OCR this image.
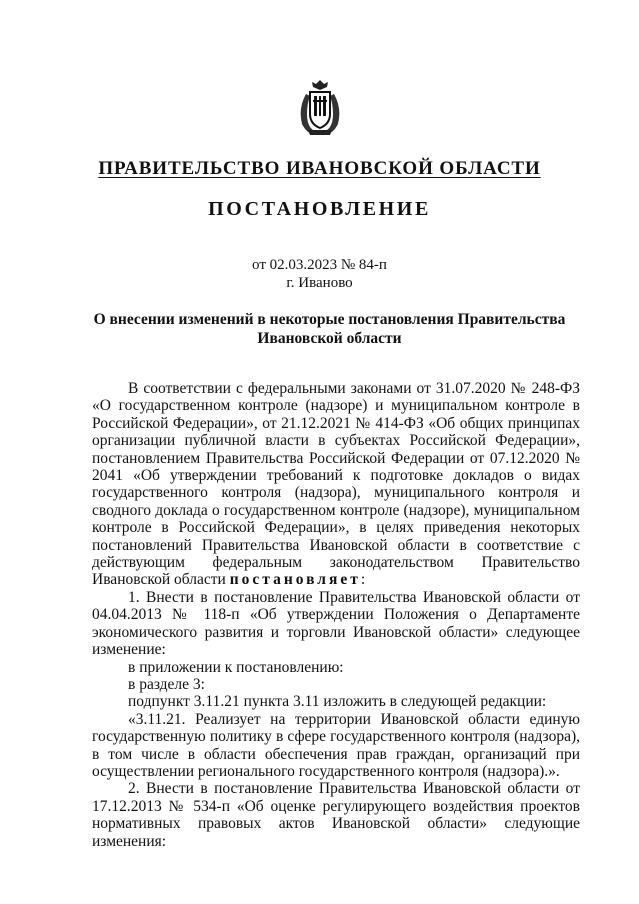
ПРАВИТЕЛЬСТВО ИВАНОВСКОЙ ОБЛАСТИ
ПОСТАНОВЛЕНИЕ
от 02.03.2023 № 84-п
г. Иваново
О внесении изменений в некоторые постановления Правительства Ивановской области

В соответствии с федеральными законами от 31.07.2020 № 248-ФЗ «О государственном контроле (надзоре) и муниципальном контроле в Российской Федерации», от 21.12.2021 № 414-ФЗ «Об общих принципах организации публичной власти в субъектах Российской Федерации», постановлением Правительства Российской Федерации от 07.12.2020 № 2041 «Об утверждении требований к подготовке докладов о видах государственного контроля (надзора), муниципального контроля и сводного доклада о государственном контроле (надзоре), муниципальном контроле в Российской Федерации», в целях приведения некоторых постановлений Правительства Ивановской области в соответствие с действующим федеральным законодательством Правительство Ивановской области постановляет:

1. Внести в постановление Правительства Ивановской области от 04.04.2013 № 118-п «Об утверждении Положения о Департаменте экономического развития и торговли Ивановской области» следующее изменение:

в приложении к постановлению:

в разделе 3:

подпункт 3.11.21 пункта 3.11 изложить в следующей редакции:

«3.11.21. Реализует на территории Ивановской области единую государственную политику в сфере государственного контроля (надзора), в том числе в области обеспечения прав граждан, организаций при осуществлении регионального государственного контроля (надзора).».

2. Внести в постановление Правительства Ивановской области от 17.12.2013 № 534-п «Об оценке регулирующего воздействия проектов нормативных правовых актов Ивановской области» следующие изменения:
